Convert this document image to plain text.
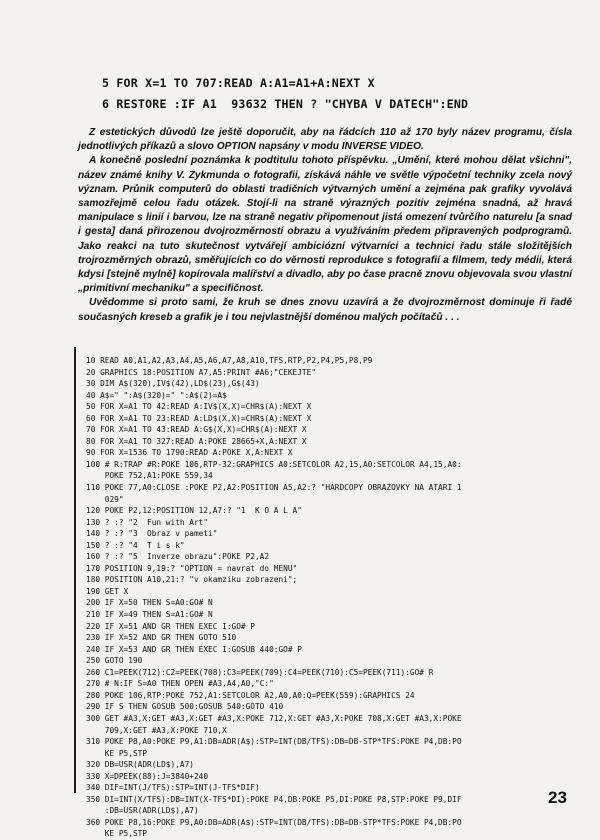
5 FOR X=1 TO 707:READ A:A1=A1+A:NEXT X
6 RESTORE :IF A1  93632 THEN ? "CHYBA V DATECH":END

Z estetických důvodů lze ještě doporučit, aby na řádcích 110 až 170 byly název programu, čísla jednotlivých příkazů a slovo OPTION napsány v modu INVERSE VIDEO.

A konečně poslední poznámka k podtitulu tohoto příspěvku. „Umění, které mohou dělat všichni", název známé knihy V. Zykmunda o fotografii, získává náhle ve světle výpočetní techniky zcela nový význam. Průnik computerů do oblasti tradičních výtvarných umění a zejména pak grafiky vyvolává samozřejmě celou řadu otázek. Stojí-li na straně výrazných pozitiv zejména snadná, až hravá manipulace s linií i barvou, lze na straně negativ připomenout jistá omezení tvůrčího naturelu [a snad i gesta] daná přirozenou dvojrozměrností obrazu a využíváním předem připravených podprogramů. Jako reakci na tuto skutečnost vytvářejí ambiciózní výtvarníci a technici řadu stále složitějších trojrozměrných obrazů, směřujících co do věrnosti reprodukce s fotografií a filmem, tedy médii, která kdysi [stejně mylně] kopírovala malířství a divadlo, aby po čase pracně znovu objevovala svou vlastní „primitivní mechaniku" a specifičnost.

Uvědomme si proto sami, že kruh se dnes znovu uzavírá a že dvojrozměrnost dominuje ři řadě současných kreseb a grafik je i tou nejvlastnější doménou malých počítačů . . .

10 READ A0,A1,A2,A3,A4,A5,A6,A7,A8,A10,TFS,RTP,P2,P4,P5,P8,P9
20 GRAPHICS 18:POSITION A7,A5:PRINT #A6;"CEKEJTE"
30 DIM A$(320),IV$(42),LD$(23),G$(43)
40 A$=" ":A$(320)=" ":A$(2)=A$
50 FOR X=A1 TO 42:READ A:IV$(X,X)=CHR$(A):NEXT X
60 FOR X=A1 TO 23:READ A:LD$(X,X)=CHR$(A):NEXT X
70 FOR X=A1 TO 43:READ A:G$(X,X)=CHR$(A):NEXT X
80 FOR X=A1 TO 327:READ A:POKE 28665+X,A:NEXT X
90 FOR X=1536 TO 1790:READ A:POKE X,A:NEXT X
100 # R:TRAP #R:POKE 106,RTP-32:GRAPHICS A0:SETCOLOR A2,15,A0:SETCOLOR A4,15,A0:
POKE 752,A1:POKE 559,34
110 POKE 77,A0:CLOSE :POKE P2,A2:POSITION A5,A2:? "HARDCOPY OBRAZOVKY NA ATARI 1
029"
120 POKE P2,12:POSITION 12,A7:? "1  K O A L A"
130 ? :? "2  Fun with Art"
140 ? :? "3  Obraz v pameti"
150 ? :? "4  T i s k"
160 ? :? "5  Inverze obrazu":POKE P2,A2
170 POSITION 9,19:? "OPTION = navrat do MENU"
180 POSITION A10,21:? "v okamziku zobrazeni";
190 GET X
200 IF X=50 THEN S=A0:GO# N
210 IF X=49 THEN S=A1:GO# N
220 IF X=51 AND GR THEN EXEC I:GO# P
230 IF X=52 AND GR THEN GOTO 510
240 IF X=53 AND GR THEN EXEC I:GOSUB 440:GO# P
250 GOTO 190
260 C1=PEEK(712):C2=PEEK(708):C3=PEEK(709):C4=PEEK(710):C5=PEEK(711):GO# R
270 # N:IF S=A0 THEN OPEN #A3,A4,A0,"C:"
280 POKE 106,RTP:POKE 752,A1:SETCOLOR A2,A0,A0:Q=PEEK(559):GRAPHICS 24
290 IF S THEN GOSUB 500:GOSUB 540:GOTO 410
300 GET #A3,X:GET #A3,X:GET #A3,X:POKE 712,X:GET #A3,X:POKE 708,X:GET #A3,X:POKE
709,X:GET #A3,X:POKE 710,X
310 POKE P8,A0:POKE P9,A1:DB=ADR(A$):STP=INT(DB/TFS):DB=DB-STP*TFS:POKE P4,DB:PO
KE P5,STP
320 DB=USR(ADR(LD$),A7)
330 X=DPEEK(88):J=3840+240
340 DIF=INT(J/TFS):STP=INT(J-TFS*DIF)
350 DI=INT(X/TFS):DB=INT(X-TFS*DI):POKE P4,DB:POKE P5,DI:POKE P8,STP:POKE P9,DIF
:DB=USR(ADR(LD$),A7)
360 POKE P8,16:POKE P9,A0:DB=ADR(A$):STP=INT(DB/TFS):DB=DB-STP*TFS:POKE P4,DB:PO
KE P5,STP
23
